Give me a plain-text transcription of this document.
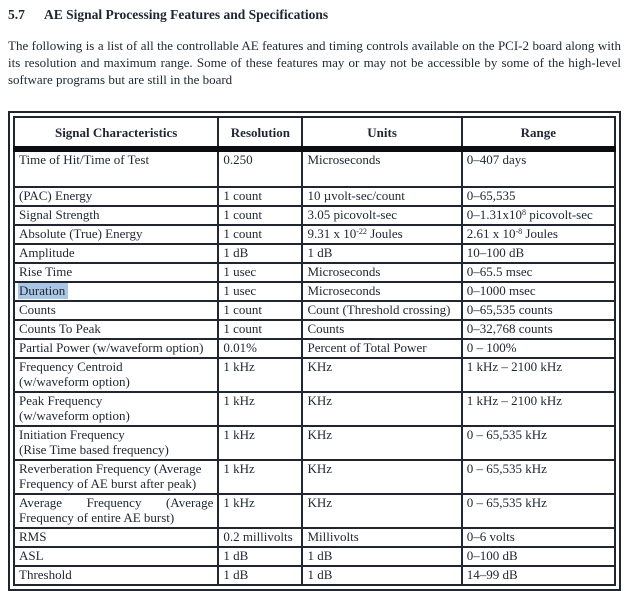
5.7	AE Signal Processing Features and Specifications

The following is a list of all the controllable AE features and timing controls available on the PCI-2 board along with its resolution and maximum range. Some of these features may or may not be accessible by some of the high-level software programs but are still in the board

Signal Characteristics	Resolution	Units	Range

Time of Hit/Time of Test	0.250	Microseconds	0–407 days

(PAC) Energy	1 count	10 µvolt-sec/count	0–65,535

Signal Strength	1 count	3.05 picovolt-sec	$0-1.31x10^8$ picovolt-sec

Absolute (True) Energy	1 count	9.31 x $10^{-22}$ Joules	2.61 x $10^{-8}$ Joules

Amplitude	1 dB	1 dB	10–100 dB

Rise Time	1 usec	Microseconds	0–65.5 msec

Duration	1 usec	Microseconds	0–1000 msec

Counts	1 count	Count (Threshold crossing)	0–65,535 counts

Counts To Peak	1 count	Counts	0–32,768 counts

Partial Power (w/waveform option)	0.01%	Percent of Total Power	0 – 100%

Frequency Centroid
(w/waveform option)	1 kHz	KHz	1 kHz – 2100 kHz

Peak Frequency
(w/waveform option)	1 kHz	KHz	1 kHz – 2100 kHz

Initiation Frequency
(Rise Time based frequency)	1 kHz	KHz	0 – 65,535 kHz

Reverberation Frequency (Average
Frequency of AE burst after peak)	1 kHz	KHz	0 – 65,535 kHz

Average Frequency (Average
Frequency of entire AE burst)	1 kHz	KHz	0 – 65,535 kHz

RMS	0.2 millivolts	Millivolts	0–6 volts

ASL	1 dB	1 dB	0–100 dB

Threshold	1 dB	1 dB	14–99 dB
